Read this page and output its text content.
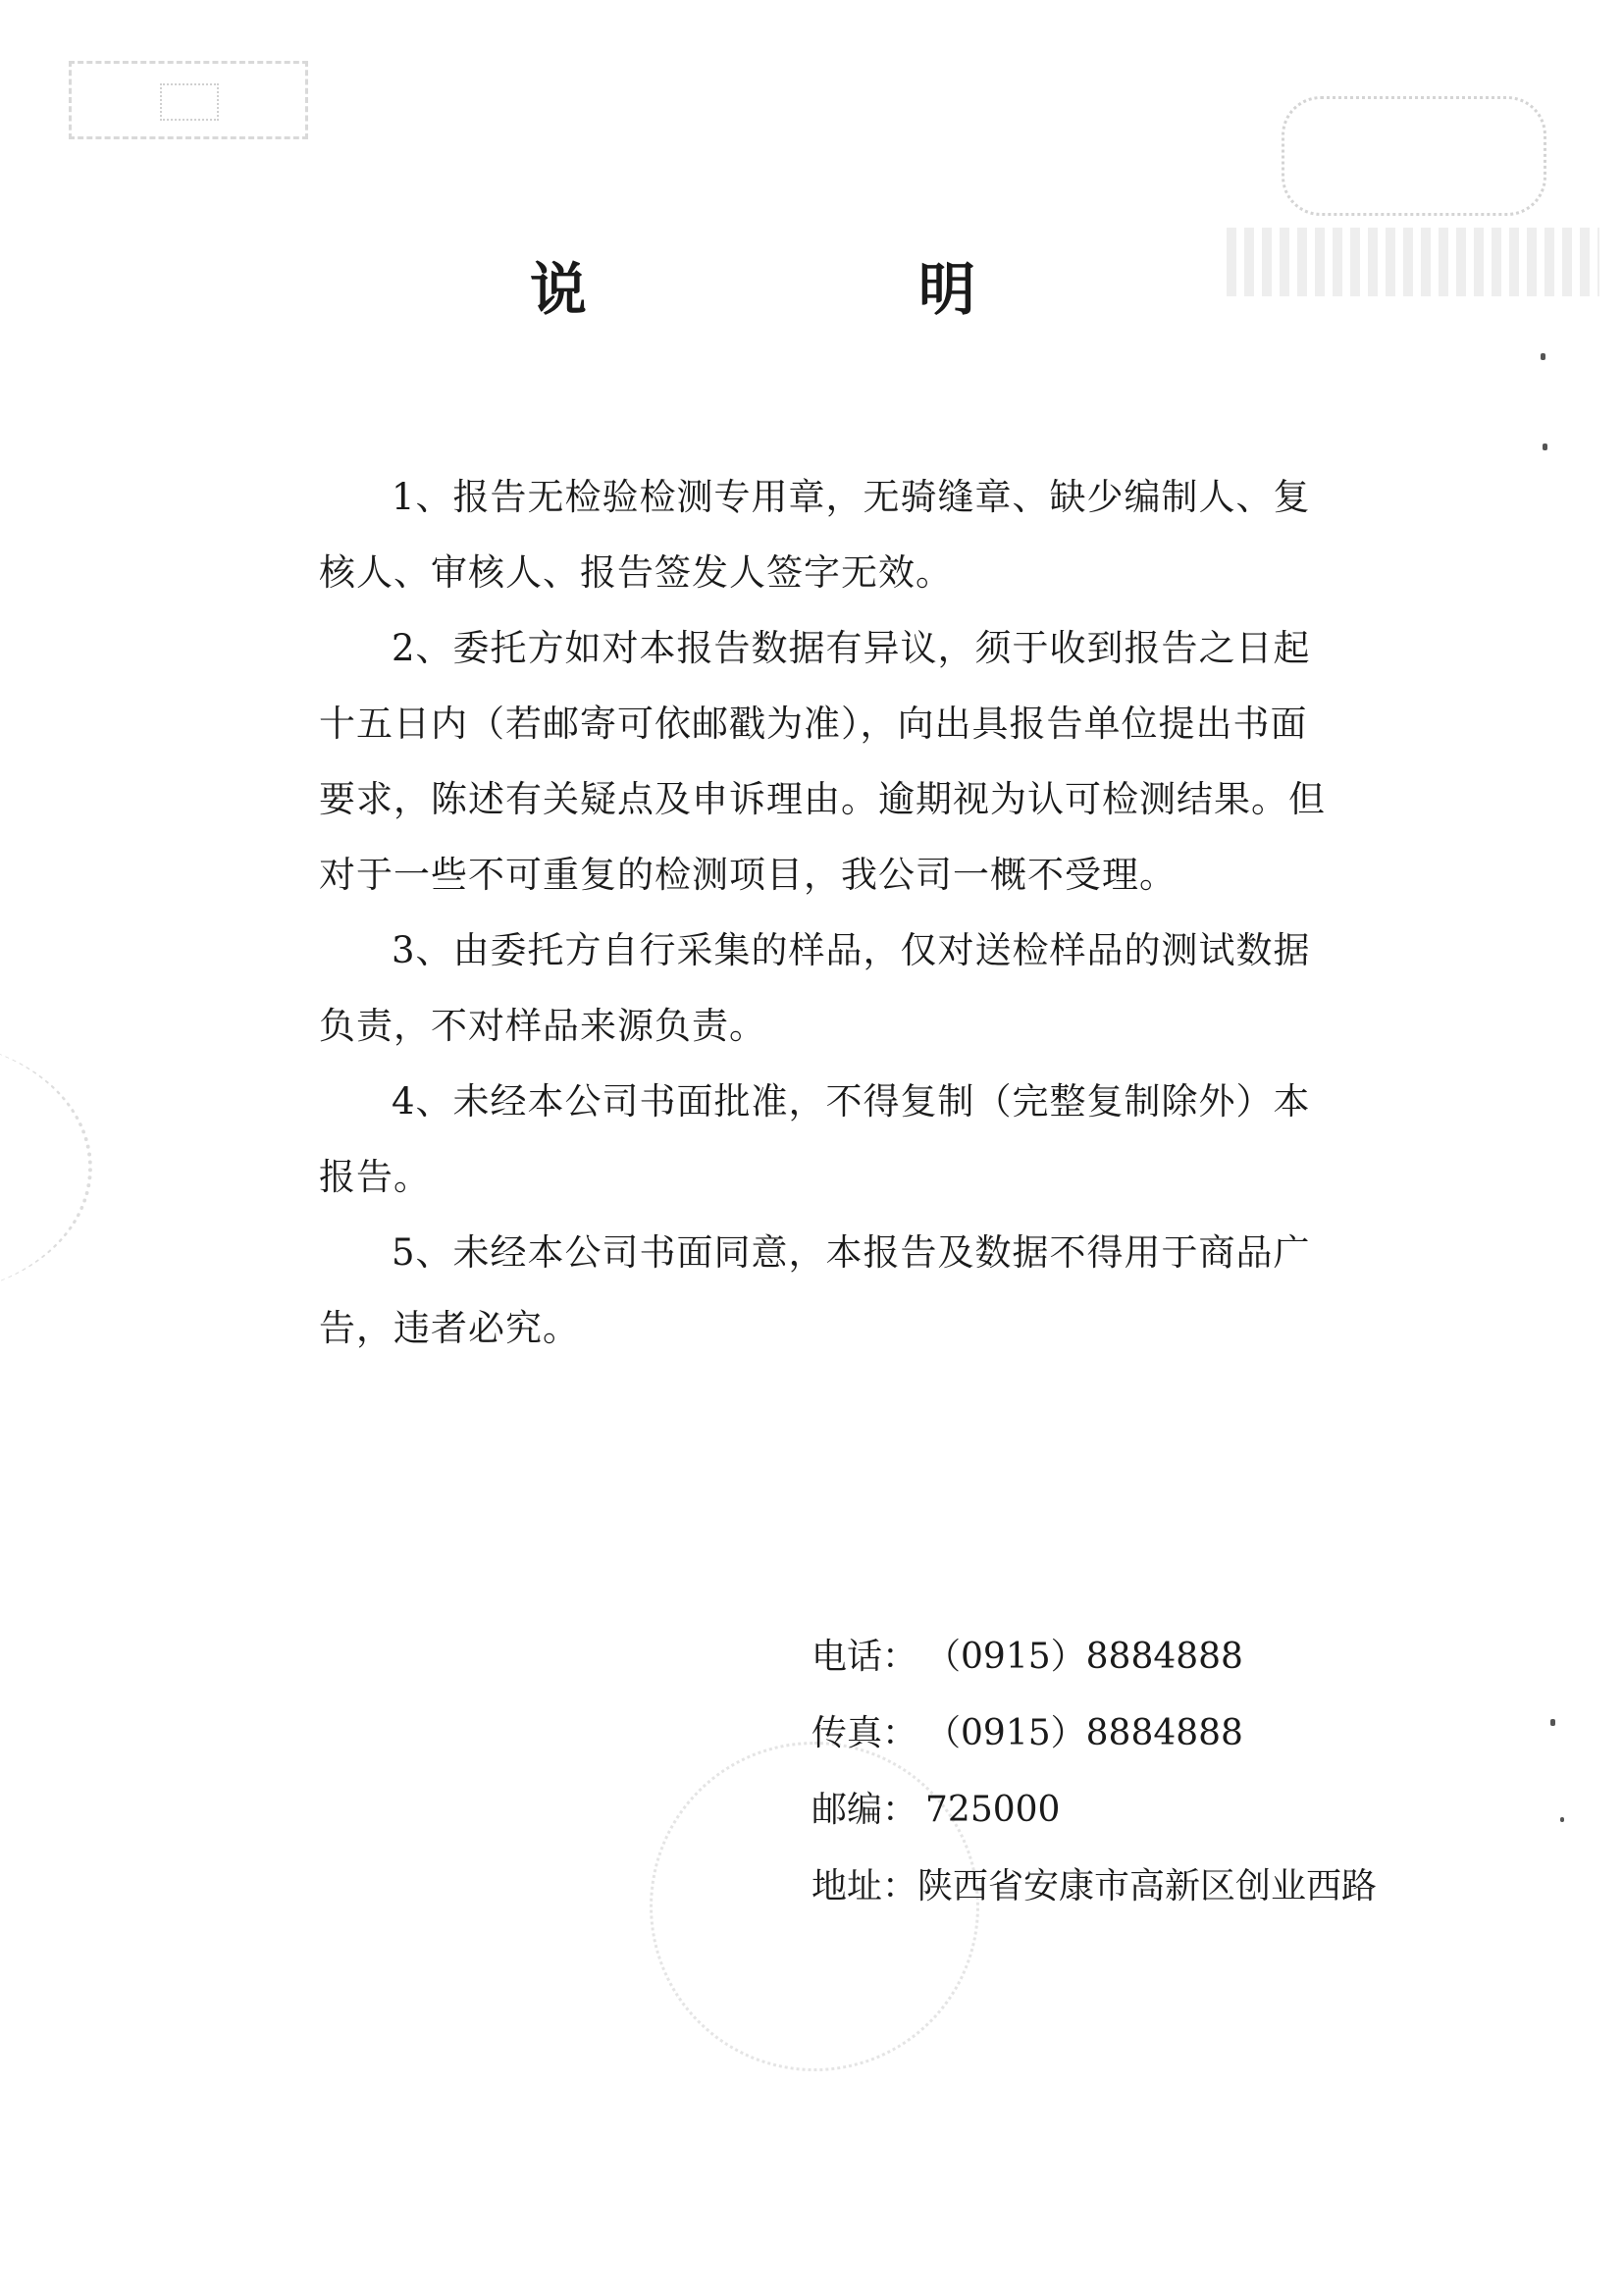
说　明

1、报告无检验检测专用章，无骑缝章、缺少编制人、复核人、审核人、报告签发人签字无效。

2、委托方如对本报告数据有异议，须于收到报告之日起十五日内（若邮寄可依邮戳为准），向出具报告单位提出书面要求，陈述有关疑点及申诉理由。逾期视为认可检测结果。但对于一些不可重复的检测项目，我公司一概不受理。

3、由委托方自行采集的样品，仅对送检样品的测试数据负责，不对样品来源负责。

4、未经本公司书面批准，不得复制（完整复制除外）本报告。

5、未经本公司书面同意，本报告及数据不得用于商品广告，违者必究。

电话： （0915）8884888
传真： （0915）8884888
邮编： 725000
地址：陕西省安康市高新区创业西路
